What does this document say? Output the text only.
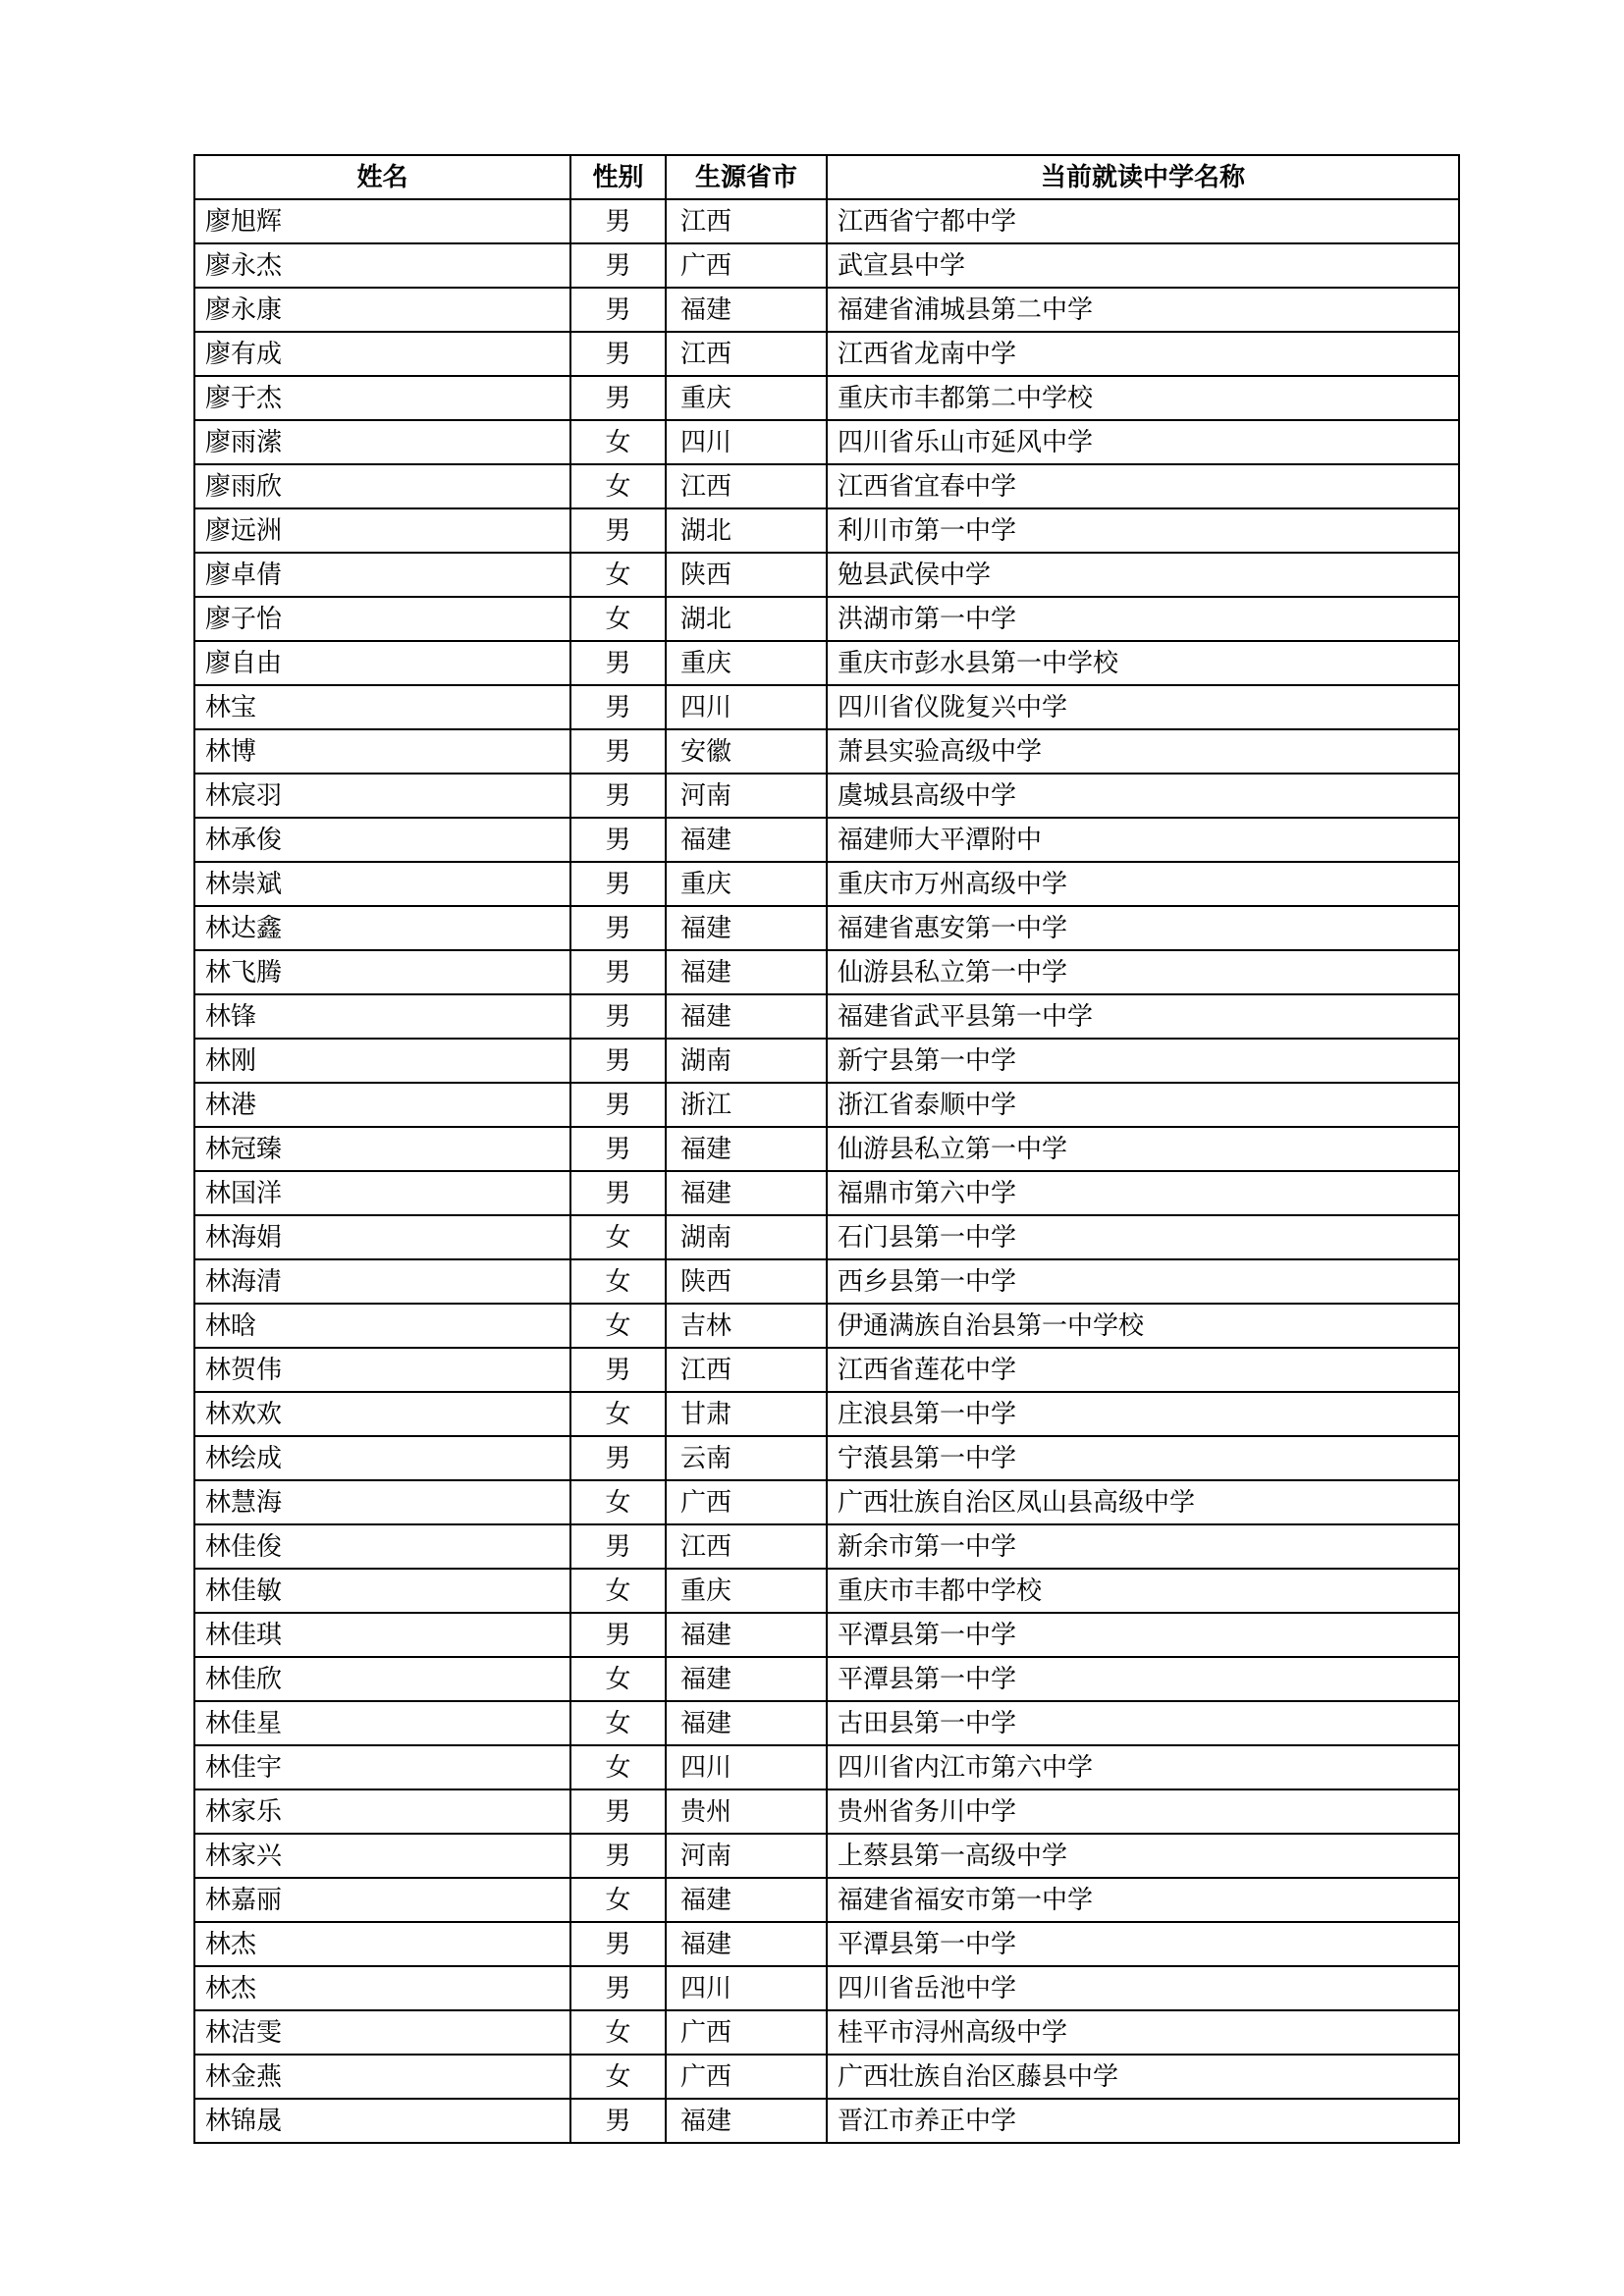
姓名	性别	生源省市	当前就读中学名称
廖旭辉	男	江西	江西省宁都中学
廖永杰	男	广西	武宣县中学
廖永康	男	福建	福建省浦城县第二中学
廖有成	男	江西	江西省龙南中学
廖于杰	男	重庆	重庆市丰都第二中学校
廖雨潆	女	四川	四川省乐山市延风中学
廖雨欣	女	江西	江西省宜春中学
廖远洲	男	湖北	利川市第一中学
廖卓倩	女	陕西	勉县武侯中学
廖子怡	女	湖北	洪湖市第一中学
廖自由	男	重庆	重庆市彭水县第一中学校
林宝	男	四川	四川省仪陇复兴中学
林博	男	安徽	萧县实验高级中学
林宸羽	男	河南	虞城县高级中学
林承俊	男	福建	福建师大平潭附中
林崇斌	男	重庆	重庆市万州高级中学
林达鑫	男	福建	福建省惠安第一中学
林飞腾	男	福建	仙游县私立第一中学
林锋	男	福建	福建省武平县第一中学
林刚	男	湖南	新宁县第一中学
林港	男	浙江	浙江省泰顺中学
林冠臻	男	福建	仙游县私立第一中学
林国洋	男	福建	福鼎市第六中学
林海娟	女	湖南	石门县第一中学
林海清	女	陕西	西乡县第一中学
林晗	女	吉林	伊通满族自治县第一中学校
林贺伟	男	江西	江西省莲花中学
林欢欢	女	甘肃	庄浪县第一中学
林绘成	男	云南	宁蒗县第一中学
林慧海	女	广西	广西壮族自治区凤山县高级中学
林佳俊	男	江西	新余市第一中学
林佳敏	女	重庆	重庆市丰都中学校
林佳琪	男	福建	平潭县第一中学
林佳欣	女	福建	平潭县第一中学
林佳星	女	福建	古田县第一中学
林佳宇	女	四川	四川省内江市第六中学
林家乐	男	贵州	贵州省务川中学
林家兴	男	河南	上蔡县第一高级中学
林嘉丽	女	福建	福建省福安市第一中学
林杰	男	福建	平潭县第一中学
林杰	男	四川	四川省岳池中学
林洁雯	女	广西	桂平市浔州高级中学
林金燕	女	广西	广西壮族自治区藤县中学
林锦晟	男	福建	晋江市养正中学
